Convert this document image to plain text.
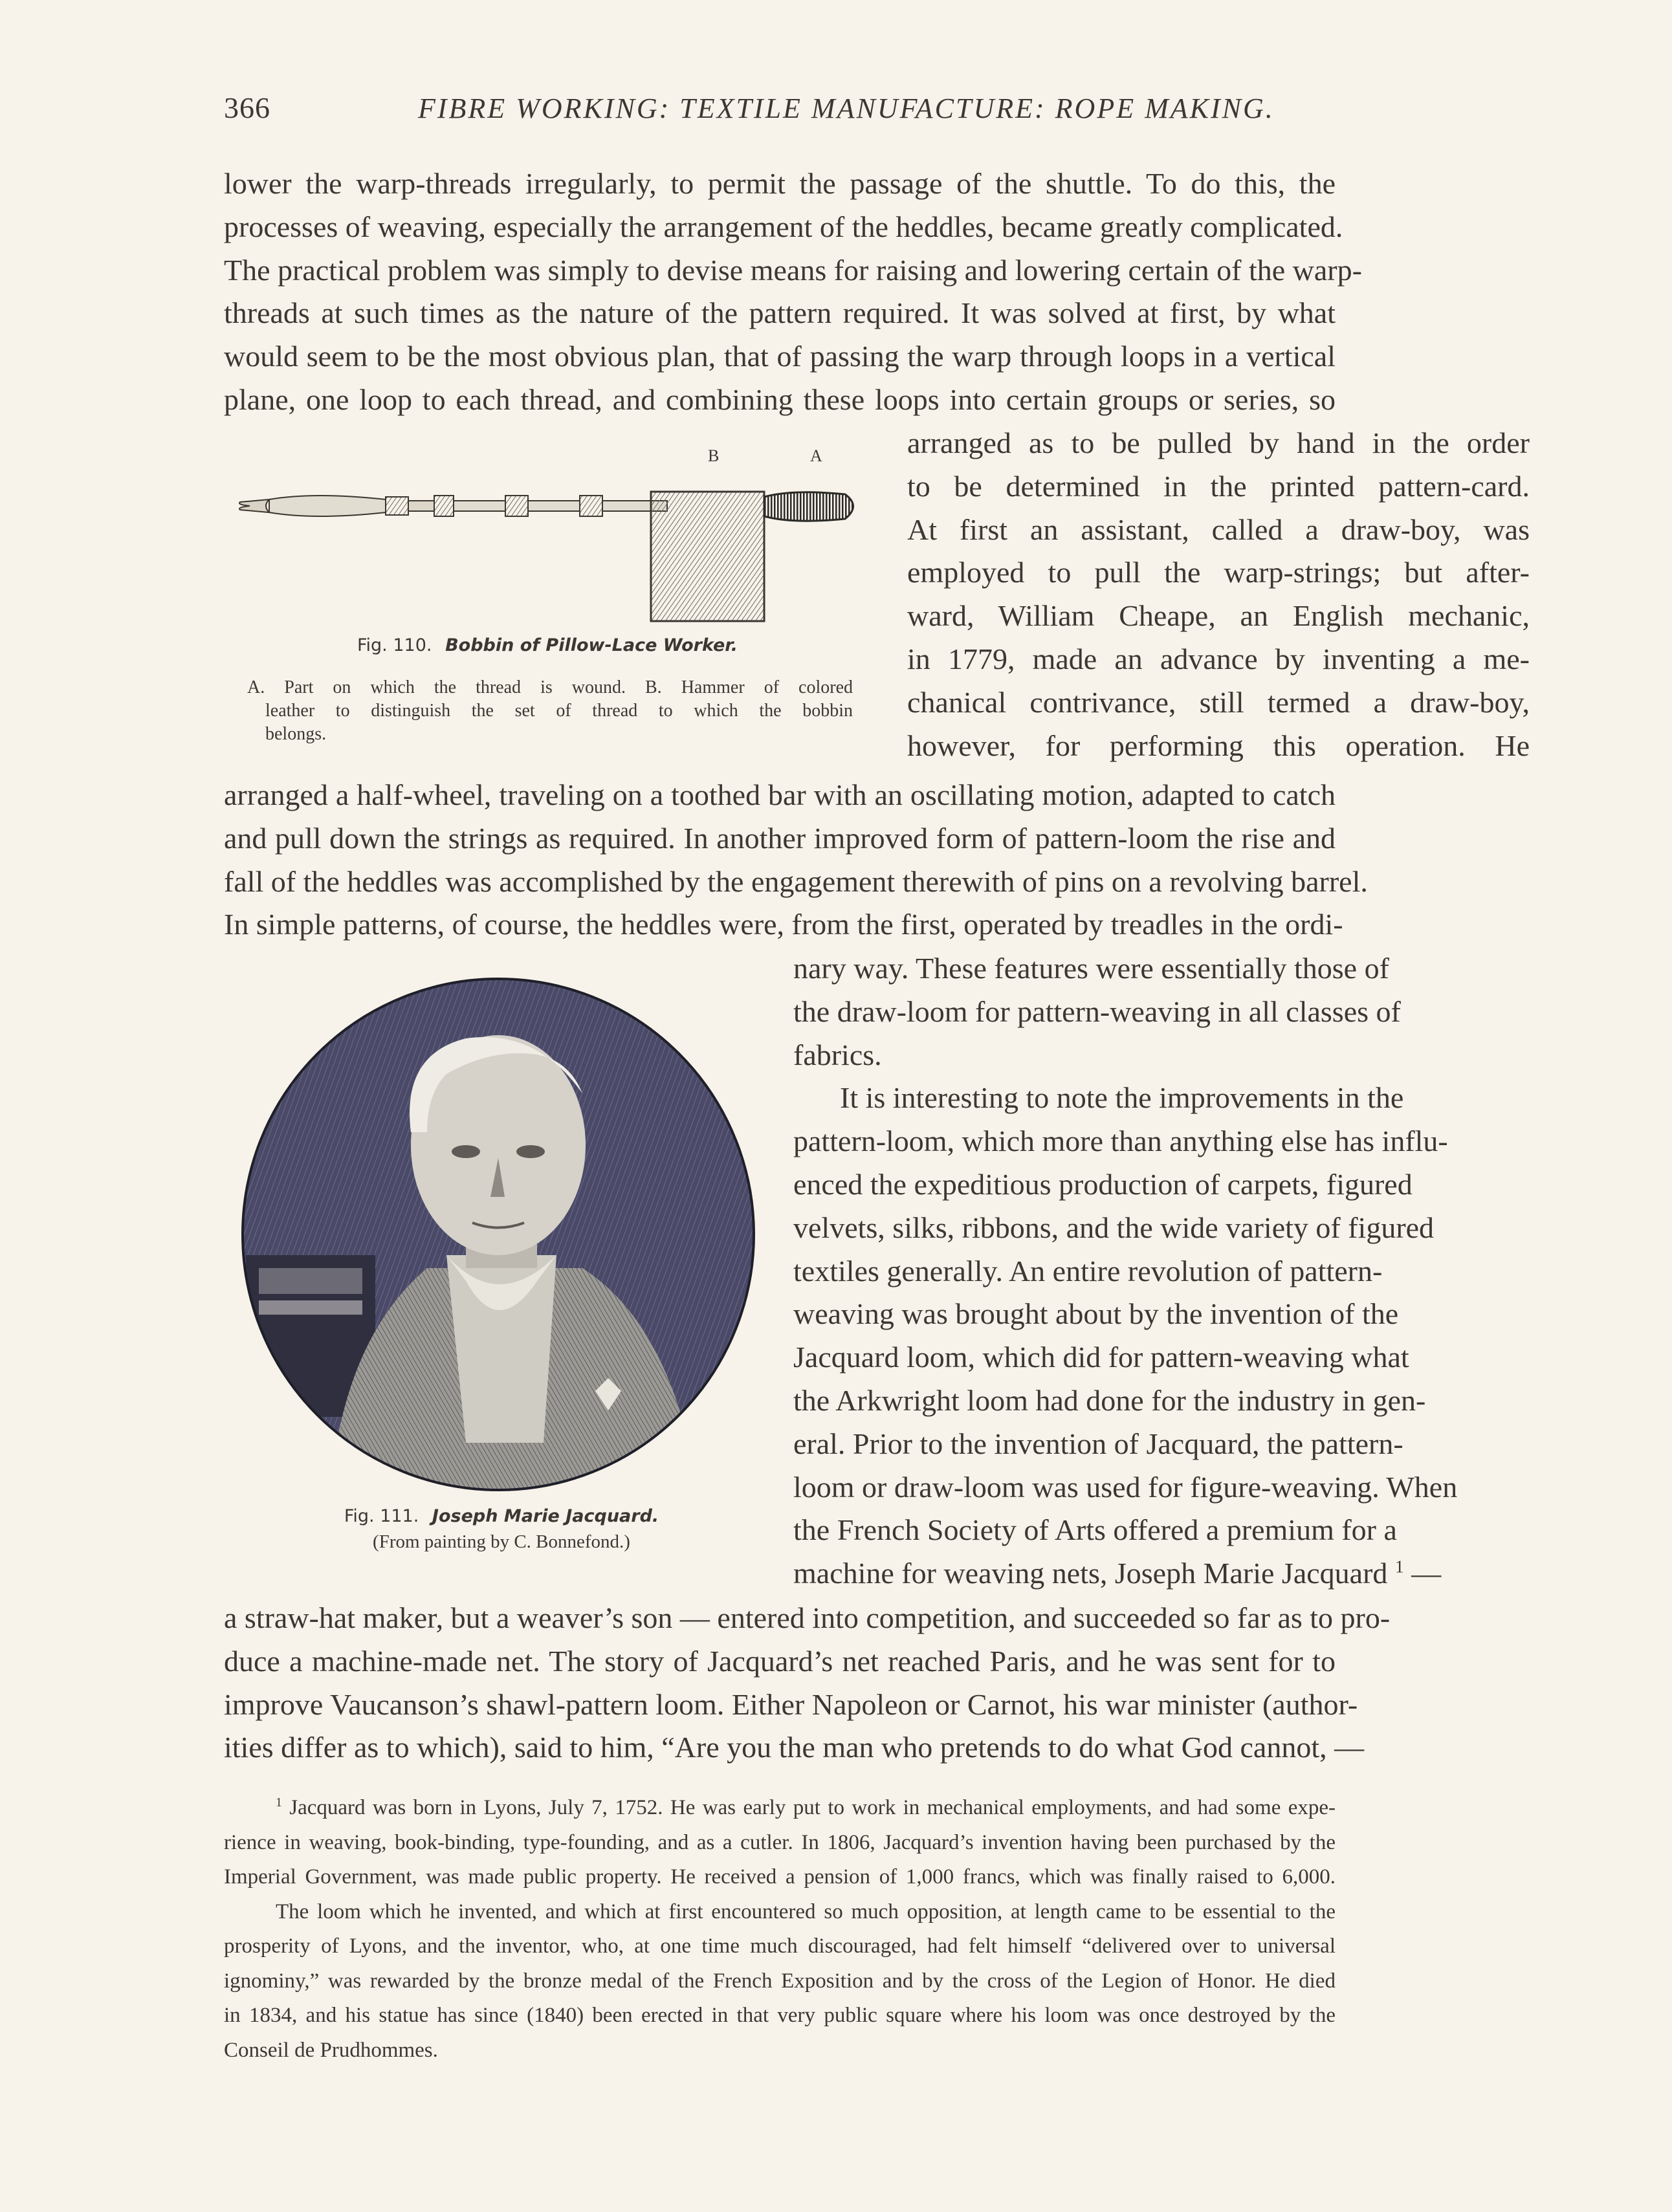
366	FIBRE WORKING: TEXTILE MANUFACTURE: ROPE MAKING.
lower the warp-threads irregularly, to permit the passage of the shuttle. To do this, the
processes of weaving, especially the arrangement of the heddles, became greatly complicated.
The practical problem was simply to devise means for raising and lowering certain of the warp-
threads at such times as the nature of the pattern required. It was solved at first, by what
would seem to be the most obvious plan, that of passing the warp through loops in a vertical
plane, one loop to each thread, and combining these loops into certain groups or series, so
B	A
Fig. 110. Bobbin of Pillow-Lace Worker.
A. Part on which the thread is wound. B. Hammer of colored
leather to distinguish the set of thread to which the bobbin
belongs.
arranged as to be pulled by hand in the order
to be determined in the printed pattern-card.
At first an assistant, called a draw-boy, was
employed to pull the warp-strings; but after-
ward, William Cheape, an English mechanic,
in 1779, made an advance by inventing a me-
chanical contrivance, still termed a draw-boy,
however, for performing this operation. He
arranged a half-wheel, traveling on a toothed bar with an oscillating motion, adapted to catch
and pull down the strings as required. In another improved form of pattern-loom the rise and
fall of the heddles was accomplished by the engagement therewith of pins on a revolving barrel.
In simple patterns, of course, the heddles were, from the first, operated by treadles in the ordi-
Fig. 111. Joseph Marie Jacquard.
(From painting by C. Bonnefond.)
nary way. These features were essentially those of
the draw-loom for pattern-weaving in all classes of
fabrics.
It is interesting to note the improvements in the
pattern-loom, which more than anything else has influ-
enced the expeditious production of carpets, figured
velvets, silks, ribbons, and the wide variety of figured
textiles generally. An entire revolution of pattern-
weaving was brought about by the invention of the
Jacquard loom, which did for pattern-weaving what
the Arkwright loom had done for the industry in gen-
eral. Prior to the invention of Jacquard, the pattern-
loom or draw-loom was used for figure-weaving. When
the French Society of Arts offered a premium for a
machine for weaving nets, Joseph Marie Jacquard $^1$ —
a straw-hat maker, but a weaver’s son — entered into competition, and succeeded so far as to pro-
duce a machine-made net. The story of Jacquard’s net reached Paris, and he was sent for to
improve Vaucanson’s shawl-pattern loom. Either Napoleon or Carnot, his war minister (author-
ities differ as to which), said to him, “Are you the man who pretends to do what God cannot, —
$^1$ Jacquard was born in Lyons, July 7, 1752. He was early put to work in mechanical employments, and had some expe-
rience in weaving, book-binding, type-founding, and as a cutler. In 1806, Jacquard’s invention having been purchased by the
Imperial Government, was made public property. He received a pension of 1,000 francs, which was finally raised to 6,000.
The loom which he invented, and which at first encountered so much opposition, at length came to be essential to the
prosperity of Lyons, and the inventor, who, at one time much discouraged, had felt himself “delivered over to universal
ignominy,” was rewarded by the bronze medal of the French Exposition and by the cross of the Legion of Honor. He died
in 1834, and his statue has since (1840) been erected in that very public square where his loom was once destroyed by the
Conseil de Prudhommes.
